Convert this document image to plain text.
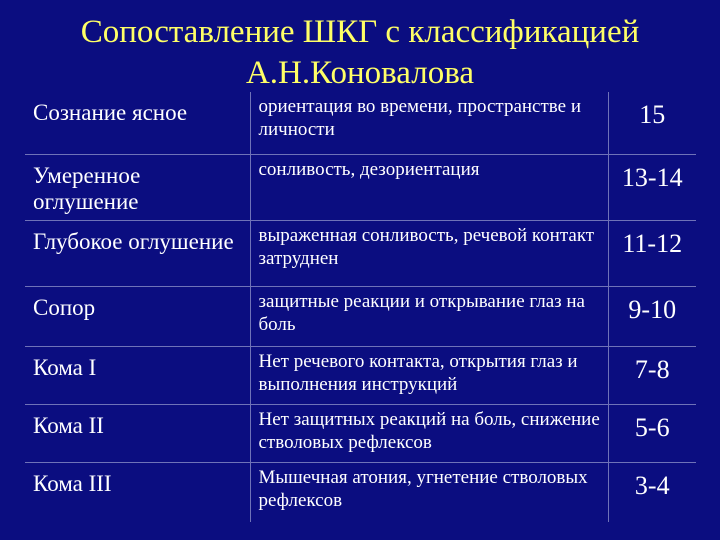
Сопоставление ШКГ с классификацией
А.Н.Коновалова
Сознание ясное	ориентация во времени, пространстве и личности	15
Умеренное оглушение	сонливость, дезориентация	13-14
Глубокое оглушение	выраженная сонливость, речевой контакт затруднен	11-12
Сопор	защитные реакции и открывание глаз на боль	9-10
Кома I	Нет речевого контакта, открытия глаз и выполнения инструкций	7-8
Кома II	Нет защитных реакций на боль, снижение стволовых рефлексов	5-6
Кома III	Мышечная атония, угнетение стволовых рефлексов	3-4
